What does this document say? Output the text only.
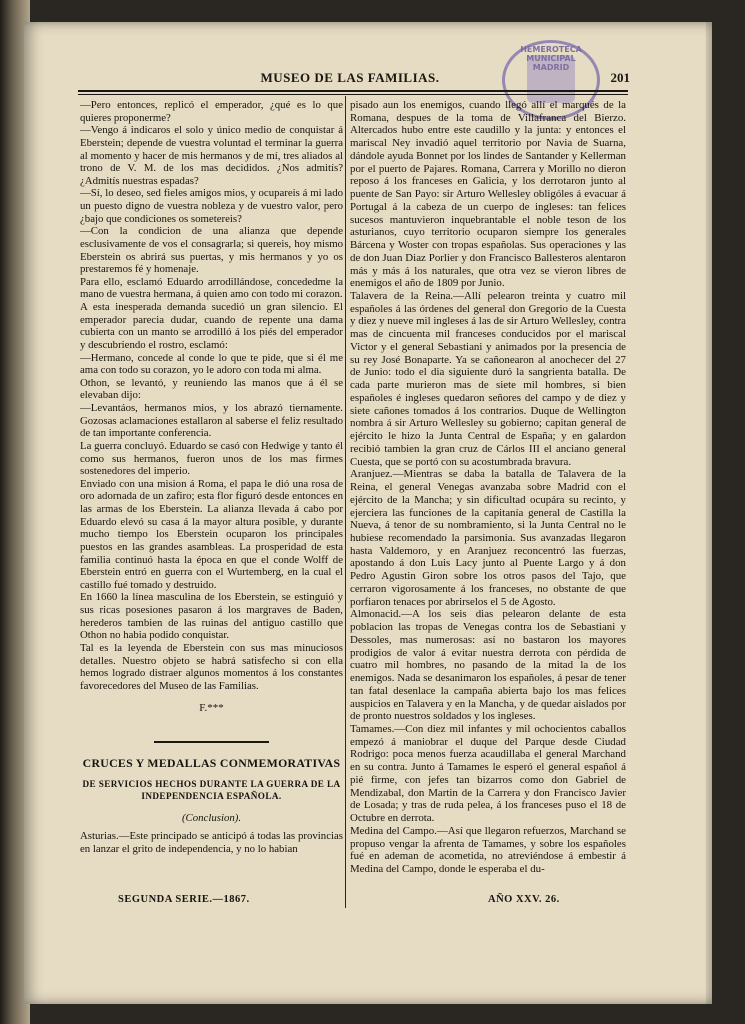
HEMEROTECA MUNICIPAL MADRID
MUSEO DE LAS FAMILIAS.	201

—Pero entonces, replicó el emperador, ¿qué es lo que quieres proponerme?

—Vengo á indicaros el solo y único medio de conquistar á Eberstein; depende de vuestra voluntad el terminar la guerra al momento y hacer de mis hermanos y de mí, tres aliados al trono de V. M. de los mas decididos. ¿Nos admitís? ¿Admitís nuestras espadas?

—Sí, lo deseo, sed fieles amigos mios, y ocupareis á mi lado un puesto digno de vuestra nobleza y de vuestro valor, pero ¿bajo que condiciones os sometereis?

—Con la condicion de una alianza que depende esclusivamente de vos el consagrarla; si quereis, hoy mismo Eberstein os abrirá sus puertas, y mis hermanos y yo os prestaremos fé y homenaje.

Para ello, esclamó Eduardo arrodillándose, concededme la mano de vuestra hermana, á quien amo con todo mi corazon.

A esta inesperada demanda sucedió un gran silencio. El emperador parecia dudar, cuando de repente una dama cubierta con un manto se arrodilló á los piés del emperador y descubriendo el rostro, esclamó:

—Hermano, concede al conde lo que te pide, que si él me ama con todo su corazon, yo le adoro con toda mi alma.

Othon, se levantó, y reuniendo las manos que á él se elevaban dijo:

—Levantáos, hermanos mios, y los abrazó tiernamente. Gozosas aclamaciones estallaron al saberse el feliz resultado de tan importante conferencia.

La guerra concluyó. Eduardo se casó con Hedwige y tanto él como sus hermanos, fueron unos de los mas firmes sostenedores del imperio.

Enviado con una mision á Roma, el papa le dió una rosa de oro adornada de un zafiro; esta flor figuró desde entonces en las armas de los Eberstein. La alianza llevada á cabo por Eduardo elevó su casa á la mayor altura posible, y durante mucho tiempo los Eberstein ocuparon los principales puestos en las grandes asambleas. La prosperidad de esta familia continuó hasta la época en que el conde Wolff de Eberstein entró en guerra con el Wurtemberg, en la cual el castillo fué tomado y destruido.

En 1660 la línea masculina de los Eberstein, se estinguió y sus ricas posesiones pasaron á los margraves de Baden, herederos tambien de las ruinas del antiguo castillo que Othon no habia podido conquistar.

Tal es la leyenda de Eberstein con sus mas minuciosos detalles. Nuestro objeto se habrá satisfecho si con ella hemos logrado distraer algunos momentos á los constantes favorecedores del Museo de las Familias.

F.***

CRUCES Y MEDALLAS CONMEMORATIVAS

DE SERVICIOS HECHOS DURANTE LA GUERRA DE LA INDEPENDENCIA ESPAÑOLA.

(Conclusion).

Asturias.—Este principado se anticipó á todas las provincias en lanzar el grito de independencia, y no lo habian

pisado aun los enemigos, cuando llegó allí el marqués de la Romana, despues de la toma de Villafranca del Bierzo. Altercados hubo entre este caudillo y la junta: y entonces el mariscal Ney invadió aquel territorio por Navia de Suarna, dándole ayuda Bonnet por los lindes de Santander y Kellerman por el puerto de Pajares. Romana, Carrera y Morillo no dieron reposo á los franceses en Galicia, y los derrotaron junto al puente de San Payo: sir Arturo Wellesley obligóles á evacuar á Portugal á la cabeza de un cuerpo de ingleses: tan felices sucesos mantuvieron inquebrantable el noble teson de los asturianos, cuyo territorio ocuparon siempre los generales Bárcena y Woster con tropas españolas. Sus operaciones y las de don Juan Diaz Porlier y don Francisco Ballesteros alentaron más y más á los naturales, que otra vez se vieron libres de enemigos el año de 1809 por Junio.

Talavera de la Reina.—Allí pelearon treinta y cuatro mil españoles á las órdenes del general don Gregorio de la Cuesta y diez y nueve mil ingleses á las de sir Arturo Wellesley, contra mas de cincuenta mil franceses conducidos por el mariscal Victor y el general Sebastiani y animados por la presencia de su rey José Bonaparte. Ya se cañonearon al anochecer del 27 de Junio: todo el dia siguiente duró la sangrienta batalla. De cada parte murieron mas de siete mil hombres, si bien españoles é ingleses quedaron señores del campo y de diez y siete cañones tomados á los contrarios. Duque de Wellington nombra á sir Arturo Wellesley su gobierno; capitan general de ejército le hizo la Junta Central de España; y en galardon recibió tambien la gran cruz de Cárlos III el anciano general Cuesta, que se portó con su acostumbrada bravura.

Aranjuez.—Mientras se daba la batalla de Talavera de la Reina, el general Venegas avanzaba sobre Madrid con el ejército de la Mancha; y sin dificultad ocupára su recinto, y ejerciera las funciones de la capitanía general de Castilla la Nueva, á tenor de su nombramiento, si la Junta Central no le hubiese recomendado la parsimonia. Sus avanzadas llegaron hasta Valdemoro, y en Aranjuez reconcentró las fuerzas, apostando á don Luis Lacy junto al Puente Largo y á don Pedro Agustin Giron sobre los otros pasos del Tajo, que cerraron vigorosamente á los franceses, no obstante de que porfiaron tenaces por abrirselos el 5 de Agosto.

Almonacid.—A los seis dias pelearon delante de esta poblacion las tropas de Venegas contra los de Sebastiani y Dessoles, mas numerosas: así no bastaron los mayores prodigios de valor á evitar nuestra derrota con pérdida de cuatro mil hombres, no pasando de la mitad la de los enemigos. Nada se desanimaron los españoles, á pesar de tener tan fatal desenlace la campaña abierta bajo los mas felices auspicios en Talavera y en la Mancha, y de quedar aislados por de pronto nuestros soldados y los ingleses.

Tamames.—Con diez mil infantes y mil ochocientos caballos empezó á maniobrar el duque del Parque desde Ciudad Rodrigo: poca menos fuerza acaudillaba el general Marchand en su contra. Junto á Tamames le esperó el general español á pié firme, con jefes tan bizarros como don Gabriel de Mendizabal, don Martin de la Carrera y don Francisco Javier de Losada; y tras de ruda pelea, á los franceses puso el 18 de Octubre en derrota.

Medina del Campo.—Así que llegaron refuerzos, Marchand se propuso vengar la afrenta de Tamames, y sobre los españoles fué en ademan de acometida, no atreviéndose á embestir á Medina del Campo, donde le esperaba el du-

SEGUNDA SERIE.—1867.	AÑO XXV. 26.
